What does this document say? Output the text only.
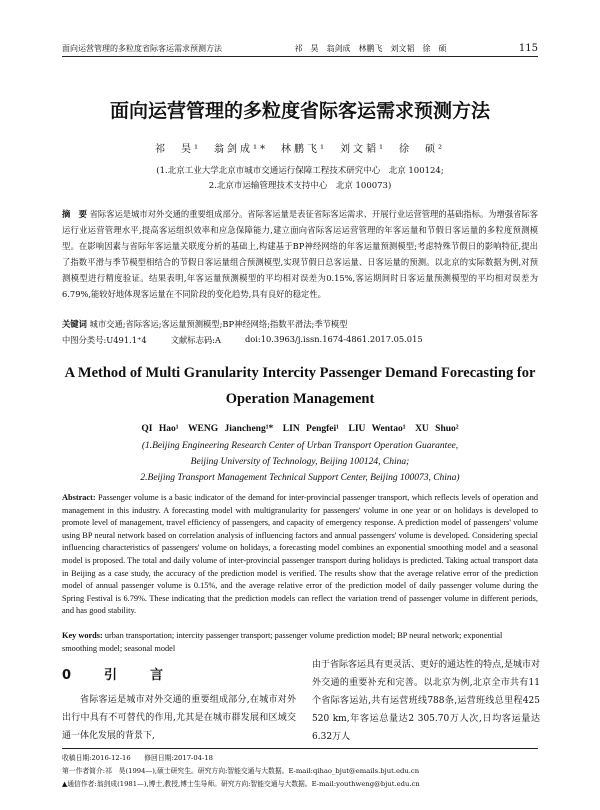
面向运营管理的多粒度省际客运需求预测方法	祁　昊　翁剑成　林鹏飞　刘文韬　徐　硕	115
面向运营管理的多粒度省际客运需求预测方法
祁　昊¹　翁剑成¹*　林鹏飞¹　刘文韬¹　徐　硕²
(1.北京工业大学北京市城市交通运行保障工程技术研究中心　北京 100124;
2.北京市运输管理技术支持中心　北京 100073)
摘　要 省际客运是城市对外交通的重要组成部分。省际客运量是表征省际客运需求、开展行业运营管理的基础指标。为增强省际客运行业运营管理水平,提高客运组织效率和应急保障能力,建立面向省际客运运营管理的年客运量和节假日客运量的多粒度预测模型。在影响因素与省际年客运量关联度分析的基础上,构建基于BP神经网络的年客运量预测模型;考虑特殊节假日的影响特征,提出了指数平滑与季节模型相结合的节假日客运量组合预测模型,实现节假日总客运量、日客运量的预测。以北京的实际数据为例,对预测模型进行精度验证。结果表明,年客运量预测模型的平均相对误差为0.15%,客运期间时日客运量预测模型的平均相对误差为6.79%,能较好地体现客运量在不同阶段的变化趋势,具有良好的稳定性。
关键词 城市交通;省际客运;客运量预测模型;BP神经网络;指数平滑法;季节模型
中图分类号:U491.1⁺4	文献标志码:A	doi:10.3963/j.issn.1674-4861.2017.05.015
A Method of Multi Granularity Intercity Passenger Demand Forecasting for Operation Management
QI Hao¹　WENG Jiancheng¹*　LIN Pengfei¹　LIU Wentao¹　XU Shuo²
(1.Beijing Engineering Research Center of Urban Transport Operation Guarantee,
Beijing University of Technology, Beijing 100124, China;
2.Beijing Transport Management Technical Support Center, Beijing 100073, China)
Abstract: Passenger volume is a basic indicator of the demand for inter-provincial passenger transport, which reflects levels of operation and management in this industry. A forecasting model with multigranularity for passengers' volume in one year or on holidays is developed to promote level of management, travel efficiency of passengers, and capacity of emergency response. A prediction model of passengers' volume using BP neural network based on correlation analysis of influencing factors and annual passengers' volume is developed. Considering special influencing characteristics of passengers' volume on holidays, a forecasting model combines an exponential smoothing model and a seasonal model is proposed. The total and daily volume of inter-provincial passenger transport during holidays is predicted. Taking actual transport data in Beijing as a case study, the accuracy of the prediction model is verified. The results show that the average relative error of the prediction model of annual passenger volume is 0.15%, and the average relative error of the prediction model of daily passenger volume during the Spring Festival is 6.79%. These indicating that the prediction models can reflect the variation trend of passenger volume in different periods, and has good stability.
Key words: urban transportation; intercity passenger transport; passenger volume prediction model; BP neural network; exponential smoothing model; seasonal model
0　引　言

省际客运是城市对外交通的重要组成部分,在城市对外出行中具有不可替代的作用,尤其是在城市群发展和区域交通一体化发展的背景下,

由于省际客运具有更灵活、更好的通达性的特点,是城市对外交通的重要补充和完善。以北京为例,北京全市共有11个省际客运站,共有运营班线788条,运营班线总里程425 520 km,年客运总量达2 305.70万人次,日均客运量达6.32万人

收稿日期:2016-12-16　　修回日期:2017-04-18
第一作者简介:祁　昊(1994—),硕士研究生。研究方向:智能交通与大数据。E-mail:qihao_bjut@emails.bjut.edu.cn
▲通信作者:翁剑成(1981—),博士,教授,博士生导师。研究方向:智能交通与大数据。E-mail:youthweng@bjut.edu.cn
